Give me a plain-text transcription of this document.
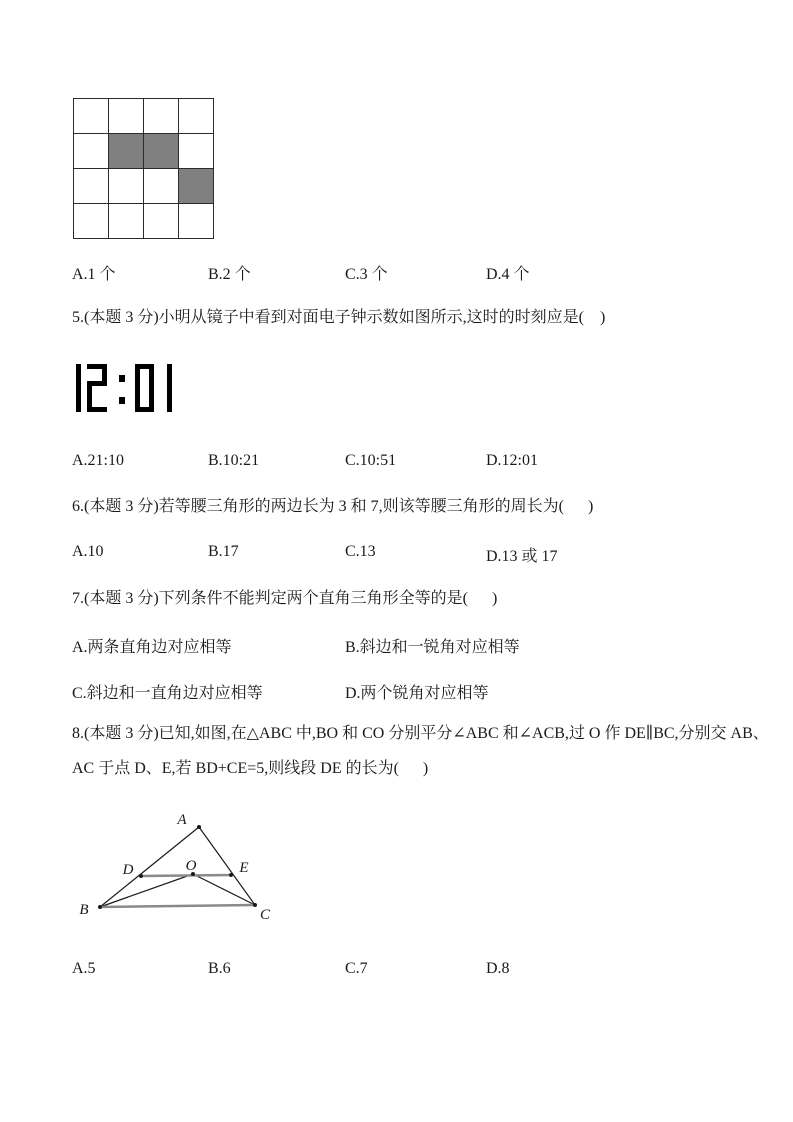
A.1 个	B.2 个	C.3 个	D.4 个
5.(本题 3 分)小明从镜子中看到对面电子钟示数如图所示,这时的时刻应是(    )
A.21:10	B.10:21	C.10:51	D.12:01
6.(本题 3 分)若等腰三角形的两边长为 3 和 7,则该等腰三角形的周长为(      )
A.10	B.17	C.13	D.13 或 17
7.(本题 3 分)下列条件不能判定两个直角三角形全等的是(      )
A.两条直角边对应相等	B.斜边和一锐角对应相等
C.斜边和一直角边对应相等	D.两个锐角对应相等
8.(本题 3 分)已知,如图,在△ABC 中,BO 和 CO 分别平分∠ABC 和∠ACB,过 O 作 DE∥BC,分别交 AB、
AC 于点 D、E,若 BD+CE=5,则线段 DE 的长为(      )
A
D	O	E
B	C
A.5	B.6	C.7	D.8
